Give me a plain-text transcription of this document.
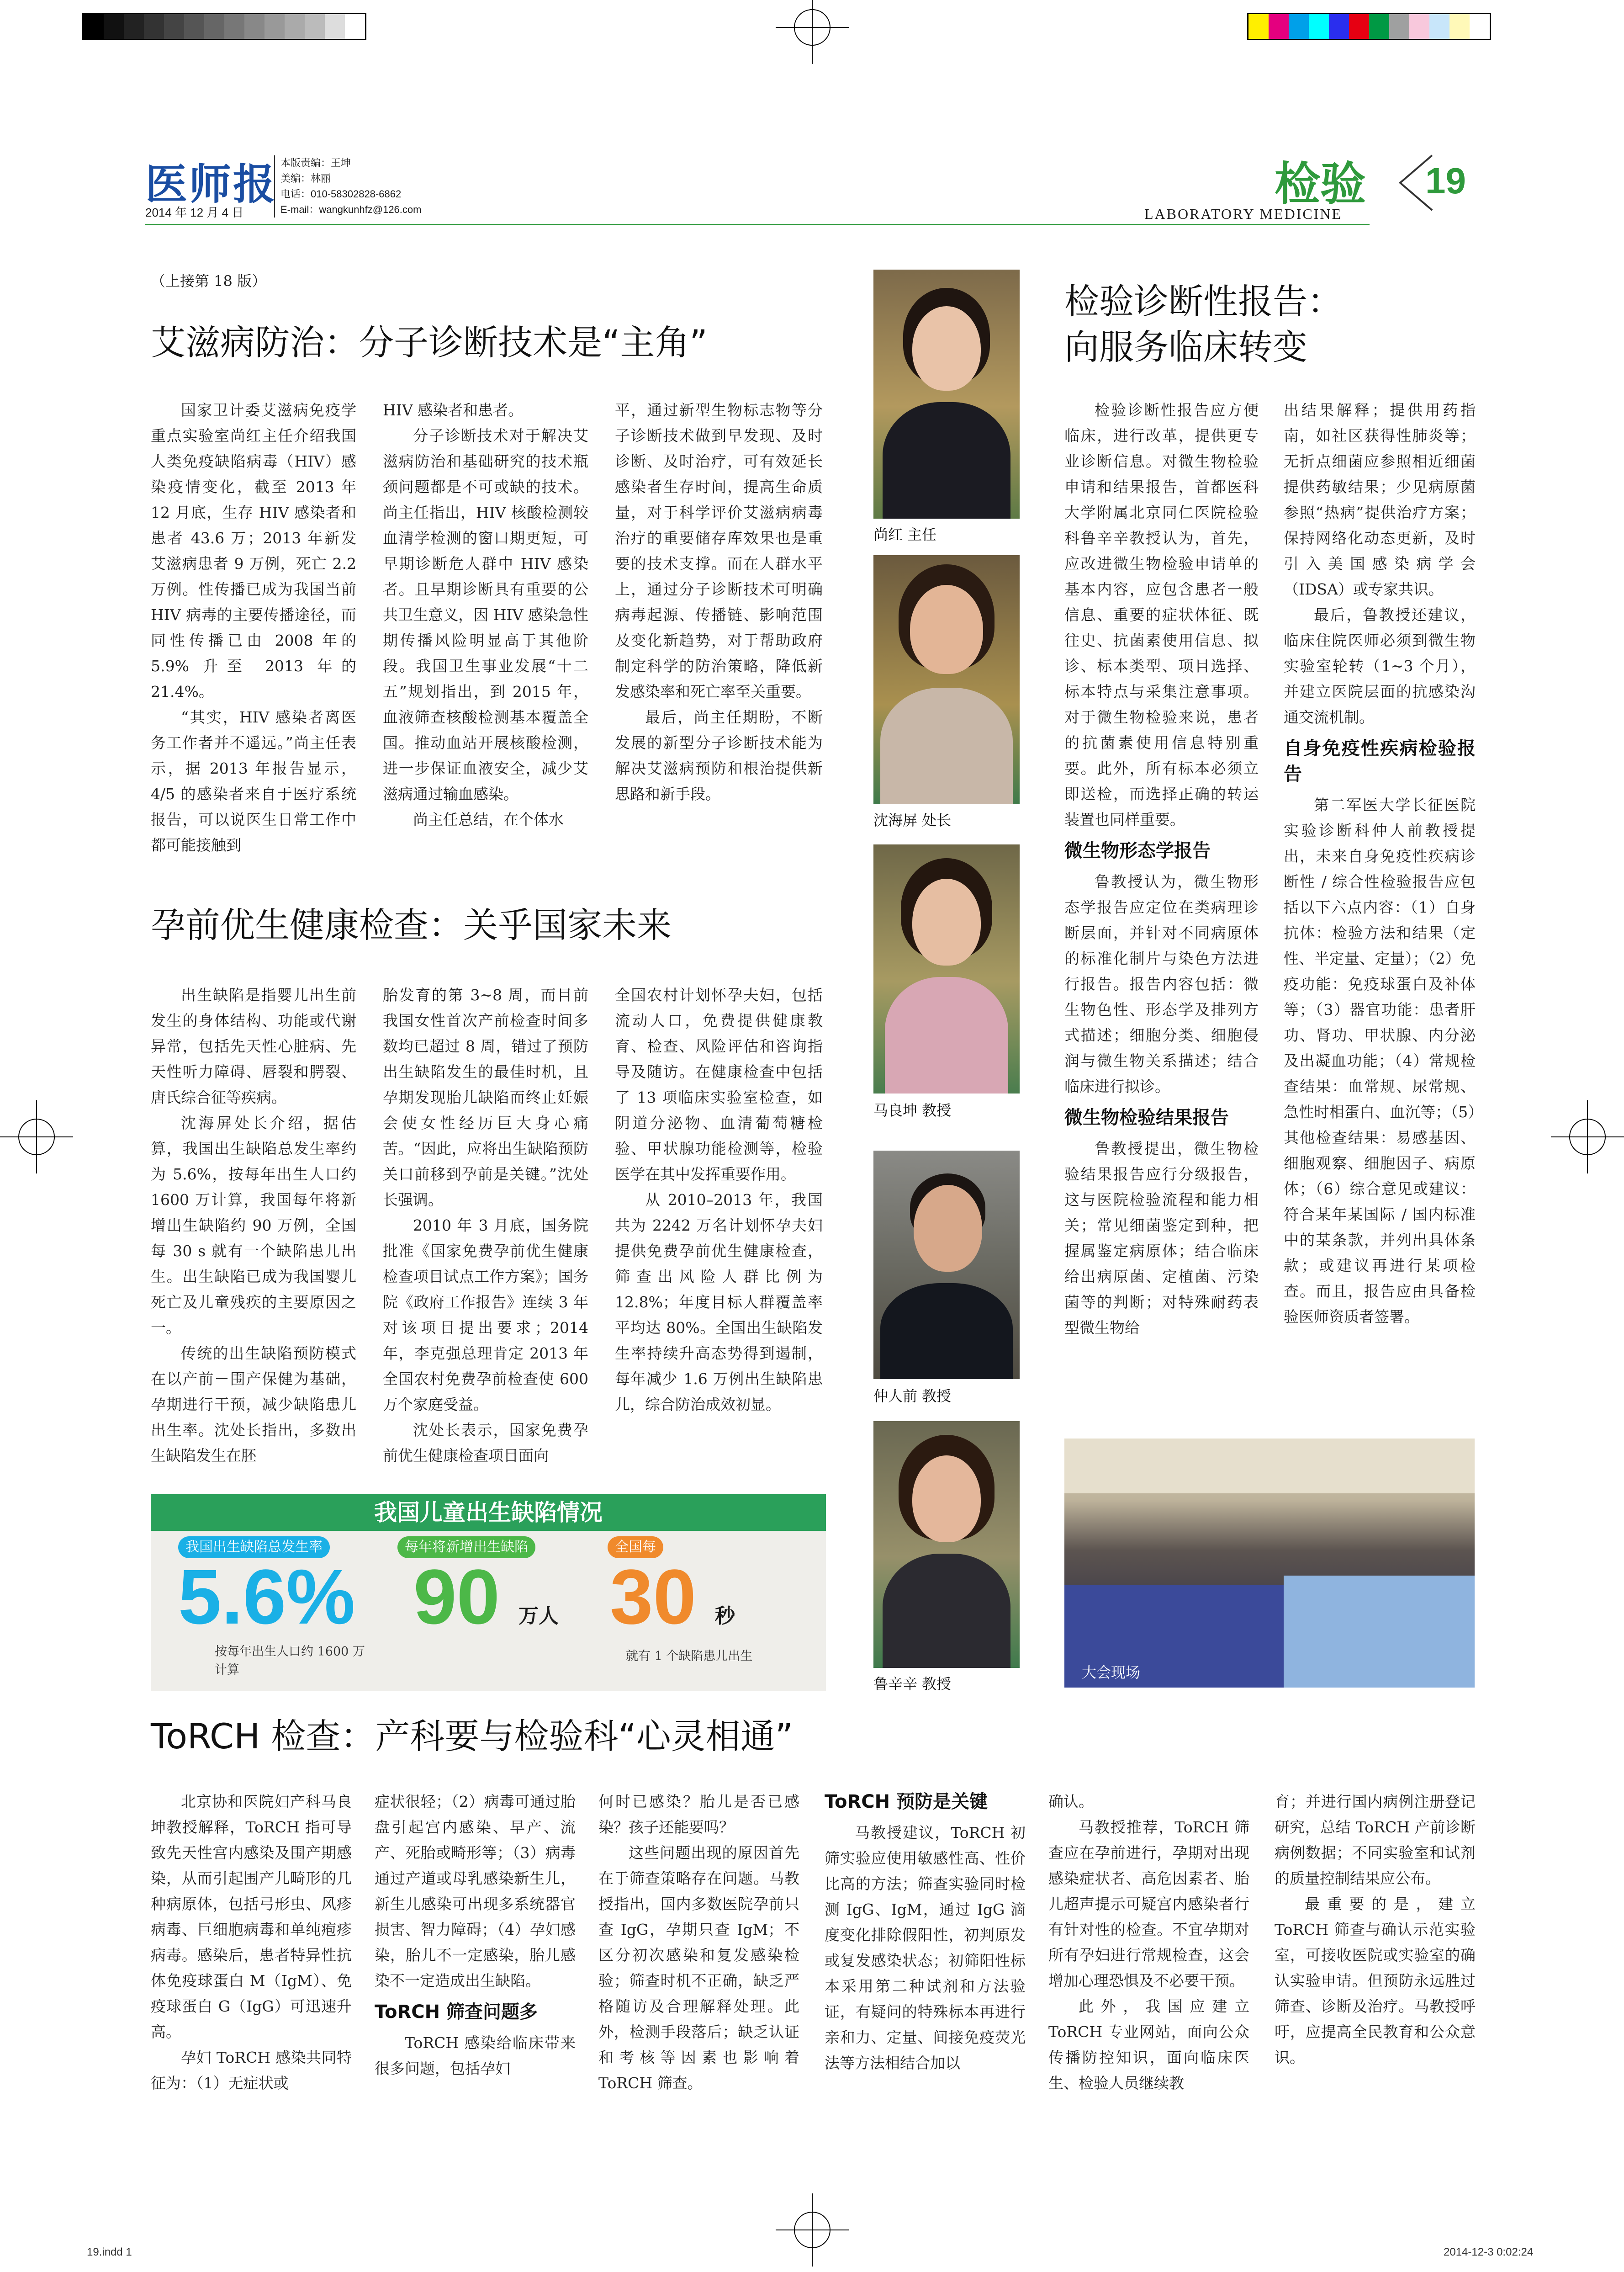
医师报
2014 年 12 月 4 日
本版责编：王坤
美编：林丽
电话：010-58302828-6862
E-mail：wangkunhfz@126.com	检验
LABORATORY MEDICINE
19
（上接第 18 版）
艾滋病防治：分子诊断技术是“主角”

国家卫计委艾滋病免疫学重点实验室尚红主任介绍我国人类免疫缺陷病毒（HIV）感染疫情变化，截至 2013 年 12 月底，生存 HIV 感染者和患者 43.6 万；2013 年新发艾滋病患者 9 万例，死亡 2.2 万例。性传播已成为我国当前 HIV 病毒的主要传播途径，而同性传播已由 2008 年的 5.9% 升至 2013 年的 21.4%。

“其实，HIV 感染者离医务工作者并不遥远。”尚主任表示，据 2013 年报告显示，4/5 的感染者来自于医疗系统报告，可以说医生日常工作中都可能接触到

HIV 感染者和患者。

分子诊断技术对于解决艾滋病防治和基础研究的技术瓶颈问题都是不可或缺的技术。尚主任指出，HIV 核酸检测较血清学检测的窗口期更短，可早期诊断危人群中 HIV 感染者。且早期诊断具有重要的公共卫生意义，因 HIV 感染急性期传播风险明显高于其他阶段。我国卫生事业发展“十二五”规划指出，到 2015 年，血液筛查核酸检测基本覆盖全国。推动血站开展核酸检测，进一步保证血液安全，减少艾滋病通过输血感染。

尚主任总结，在个体水

平，通过新型生物标志物等分子诊断技术做到早发现、及时诊断、及时治疗，可有效延长感染者生存时间，提高生命质量，对于科学评价艾滋病病毒治疗的重要储存库效果也是重要的技术支撑。而在人群水平上，通过分子诊断技术可明确病毒起源、传播链、影响范围及变化新趋势，对于帮助政府制定科学的防治策略，降低新发感染率和死亡率至关重要。

最后，尚主任期盼，不断发展的新型分子诊断技术能为解决艾滋病预防和根治提供新思路和新手段。

孕前优生健康检查：关乎国家未来

出生缺陷是指婴儿出生前发生的身体结构、功能或代谢异常，包括先天性心脏病、先天性听力障碍、唇裂和腭裂、唐氏综合征等疾病。

沈海屏处长介绍，据估算，我国出生缺陷总发生率约为 5.6%，按每年出生人口约 1600 万计算，我国每年将新增出生缺陷约 90 万例，全国每 30 s 就有一个缺陷患儿出生。出生缺陷已成为我国婴儿死亡及儿童残疾的主要原因之一。

传统的出生缺陷预防模式在以产前－围产保健为基础，孕期进行干预，减少缺陷患儿出生率。沈处长指出，多数出生缺陷发生在胚

胎发育的第 3~8 周，而目前我国女性首次产前检查时间多数均已超过 8 周，错过了预防出生缺陷发生的最佳时机，且孕期发现胎儿缺陷而终止妊娠会使女性经历巨大身心痛苦。“因此，应将出生缺陷预防关口前移到孕前是关键。”沈处长强调。

2010 年 3 月底，国务院批准《国家免费孕前优生健康检查项目试点工作方案》；国务院《政府工作报告》连续 3 年对该项目提出要求；2014 年，李克强总理肯定 2013 年全国农村免费孕前检查使 600 万个家庭受益。

沈处长表示，国家免费孕前优生健康检查项目面向

全国农村计划怀孕夫妇，包括流动人口，免费提供健康教育、检查、风险评估和咨询指导及随访。在健康检查中包括了 13 项临床实验室检查，如阴道分泌物、血清葡萄糖检验、甲状腺功能检测等，检验医学在其中发挥重要作用。

从 2010–2013 年，我国共为 2242 万名计划怀孕夫妇提供免费孕前优生健康检查，筛查出风险人群比例为 12.8%；年度目标人群覆盖率平均达 80%。全国出生缺陷发生率持续升高态势得到遏制，每年减少 1.6 万例出生缺陷患儿，综合防治成效初显。

我国儿童出生缺陷情况
我国出生缺陷总发生率
5.6%
按每年出生人口约 1600 万计算
每年将新增出生缺陷
90 万人
全国每
30 秒
就有 1 个缺陷患儿出生
尚红 主任
沈海屏 处长
马良坤 教授
仲人前 教授
鲁辛辛 教授
检验诊断性报告：
向服务临床转变

检验诊断性报告应方便临床，进行改革，提供更专业诊断信息。对微生物检验申请和结果报告，首都医科大学附属北京同仁医院检验科鲁辛辛教授认为，首先，应改进微生物检验申请单的基本内容，应包含患者一般信息、重要的症状体征、既往史、抗菌素使用信息、拟诊、标本类型、项目选择、标本特点与采集注意事项。对于微生物检验来说，患者的抗菌素使用信息特别重要。此外，所有标本必须立即送检，而选择正确的转运装置也同样重要。

微生物形态学报告

鲁教授认为，微生物形态学报告应定位在类病理诊断层面，并针对不同病原体的标准化制片与染色方法进行报告。报告内容包括：微生物色性、形态学及排列方式描述；细胞分类、细胞侵润与微生物关系描述；结合临床进行拟诊。

微生物检验结果报告

鲁教授提出，微生物检验结果报告应行分级报告，这与医院检验流程和能力相关；常见细菌鉴定到种，把握属鉴定病原体；结合临床给出病原菌、定植菌、污染菌等的判断；对特殊耐药表型微生物给

出结果解释；提供用药指南，如社区获得性肺炎等；无折点细菌应参照相近细菌提供药敏结果；少见病原菌参照“热病”提供治疗方案；保持网络化动态更新，及时引入美国感染病学会（IDSA）或专家共识。

最后，鲁教授还建议，临床住院医师必须到微生物实验室轮转（1~3 个月），并建立医院层面的抗感染沟通交流机制。

自身免疫性疾病检验报告

第二军医大学长征医院实验诊断科仲人前教授提出，未来自身免疫性疾病诊断性 / 综合性检验报告应包括以下六点内容：（1）自身抗体：检验方法和结果（定性、半定量、定量）；（2）免疫功能：免疫球蛋白及补体等；（3）器官功能：患者肝功、肾功、甲状腺、内分泌及出凝血功能；（4）常规检查结果：血常规、尿常规、急性时相蛋白、血沉等；（5）其他检查结果：易感基因、细胞观察、细胞因子、病原体；（6）综合意见或建议：符合某年某国际 / 国内标准中的某条款，并列出具体条款；或建议再进行某项检查。而且，报告应由具备检验医师资质者签署。

大会现场
ToRCH 检查：产科要与检验科“心灵相通”

北京协和医院妇产科马良坤教授解释，ToRCH 指可导致先天性宫内感染及围产期感染，从而引起围产儿畸形的几种病原体，包括弓形虫、风疹病毒、巨细胞病毒和单纯疱疹病毒。感染后，患者特异性抗体免疫球蛋白 M（IgM）、免疫球蛋白 G（IgG）可迅速升高。

孕妇 ToRCH 感染共同特征为：（1）无症状或

症状很轻；（2）病毒可通过胎盘引起宫内感染、早产、流产、死胎或畸形等；（3）病毒通过产道或母乳感染新生儿，新生儿感染可出现多系统器官损害、智力障碍；（4）孕妇感染，胎儿不一定感染，胎儿感染不一定造成出生缺陷。

ToRCH 筛查问题多

ToRCH 感染给临床带来很多问题，包括孕妇

何时已感染？胎儿是否已感染？孩子还能要吗？

这些问题出现的原因首先在于筛查策略存在问题。马教授指出，国内多数医院孕前只查 IgG，孕期只查 IgM；不区分初次感染和复发感染检验；筛查时机不正确，缺乏严格随访及合理解释处理。此外，检测手段落后；缺乏认证和考核等因素也影响着 ToRCH 筛查。

ToRCH 预防是关键

马教授建议，ToRCH 初筛实验应使用敏感性高、性价比高的方法；筛查实验同时检测 IgG、IgM，通过 IgG 滴度变化排除假阳性，初判原发或复发感染状态；初筛阳性标本采用第二种试剂和方法验证，有疑问的特殊标本再进行亲和力、定量、间接免疫荧光法等方法相结合加以

确认。

马教授推荐，ToRCH 筛查应在孕前进行，孕期对出现感染症状者、高危因素者、胎儿超声提示可疑宫内感染者行有针对性的检查。不宜孕期对所有孕妇进行常规检查，这会增加心理恐惧及不必要干预。

此外，我国应建立 ToRCH 专业网站，面向公众传播防控知识，面向临床医生、检验人员继续教

育；并进行国内病例注册登记研究，总结 ToRCH 产前诊断病例数据；不同实验室和试剂的质量控制结果应公布。

最重要的是，建立 ToRCH 筛查与确认示范实验室，可接收医院或实验室的确认实验申请。但预防永远胜过筛查、诊断及治疗。马教授呼吁，应提高全民教育和公众意识。

19.indd 1	2014-12-3 0:02:24
